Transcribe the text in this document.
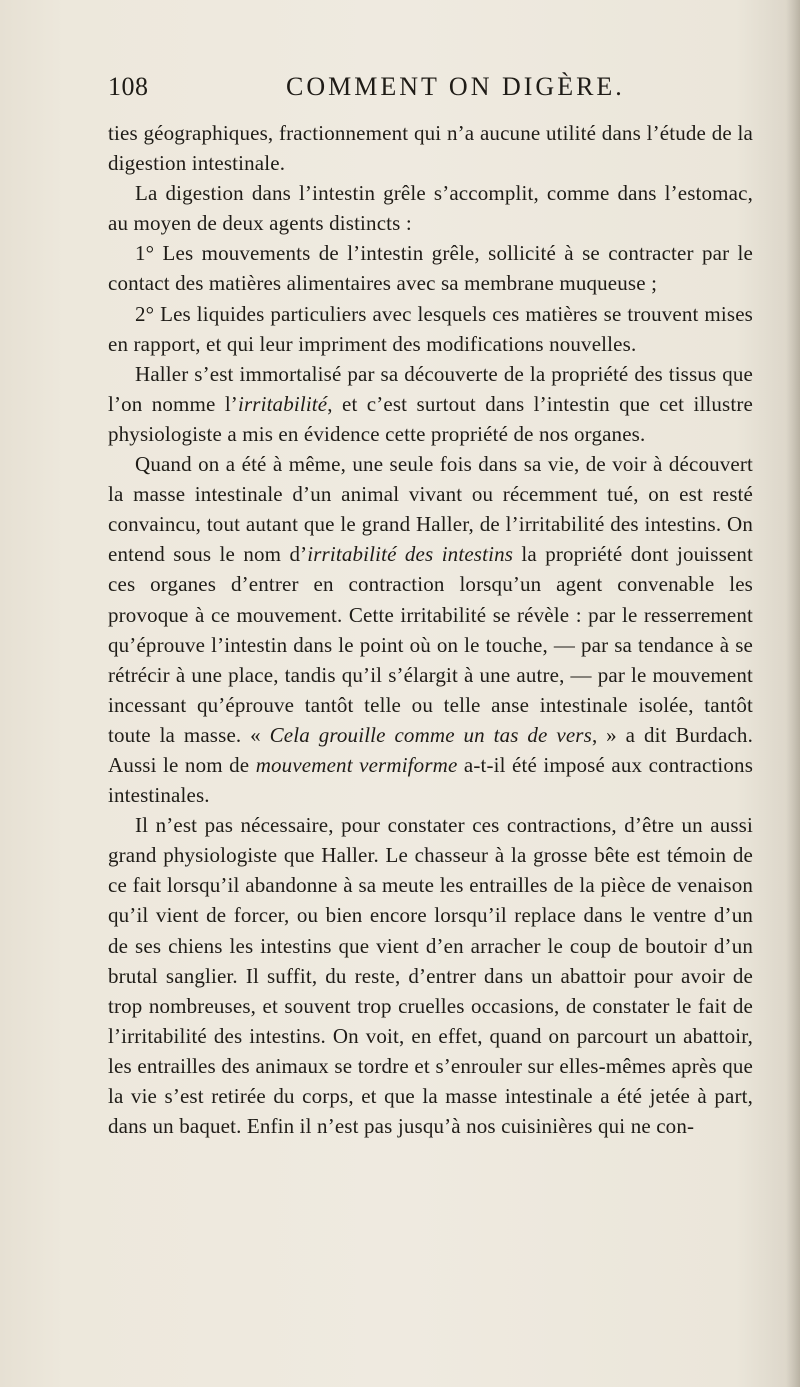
108	COMMENT ON DIGÈRE.

ties géographiques, fractionnement qui n’a aucune utilité dans l’étude de la digestion intestinale.

La digestion dans l’intestin grêle s’accomplit, comme dans l’estomac, au moyen de deux agents distincts :

1° Les mouvements de l’intestin grêle, sollicité à se contracter par le contact des matières alimentaires avec sa membrane muqueuse ;

2° Les liquides particuliers avec lesquels ces matières se trouvent mises en rapport, et qui leur impriment des modifications nouvelles.

Haller s’est immortalisé par sa découverte de la propriété des tissus que l’on nomme l’irritabilité, et c’est surtout dans l’intestin que cet illustre physiologiste a mis en évidence cette propriété de nos organes.

Quand on a été à même, une seule fois dans sa vie, de voir à découvert la masse intestinale d’un animal vivant ou récemment tué, on est resté convaincu, tout autant que le grand Haller, de l’irritabilité des intestins. On entend sous le nom d’irritabilité des intestins la propriété dont jouissent ces organes d’entrer en contraction lorsqu’un agent convenable les provoque à ce mouvement. Cette irritabilité se révèle : par le resserrement qu’éprouve l’intestin dans le point où on le touche, — par sa tendance à se rétrécir à une place, tandis qu’il s’élargit à une autre, — par le mouvement incessant qu’éprouve tantôt telle ou telle anse intestinale isolée, tantôt toute la masse. « Cela grouille comme un tas de vers, » a dit Burdach. Aussi le nom de mouvement vermiforme a-t-il été imposé aux contractions intestinales.

Il n’est pas nécessaire, pour constater ces contractions, d’être un aussi grand physiologiste que Haller. Le chasseur à la grosse bête est témoin de ce fait lorsqu’il abandonne à sa meute les entrailles de la pièce de venaison qu’il vient de forcer, ou bien encore lorsqu’il replace dans le ventre d’un de ses chiens les intestins que vient d’en arracher le coup de boutoir d’un brutal sanglier. Il suffit, du reste, d’entrer dans un abattoir pour avoir de trop nombreuses, et souvent trop cruelles occasions, de constater le fait de l’irritabilité des intestins. On voit, en effet, quand on parcourt un abattoir, les entrailles des animaux se tordre et s’enrouler sur elles-mêmes après que la vie s’est retirée du corps, et que la masse intestinale a été jetée à part, dans un baquet. Enfin il n’est pas jusqu’à nos cuisinières qui ne con-
